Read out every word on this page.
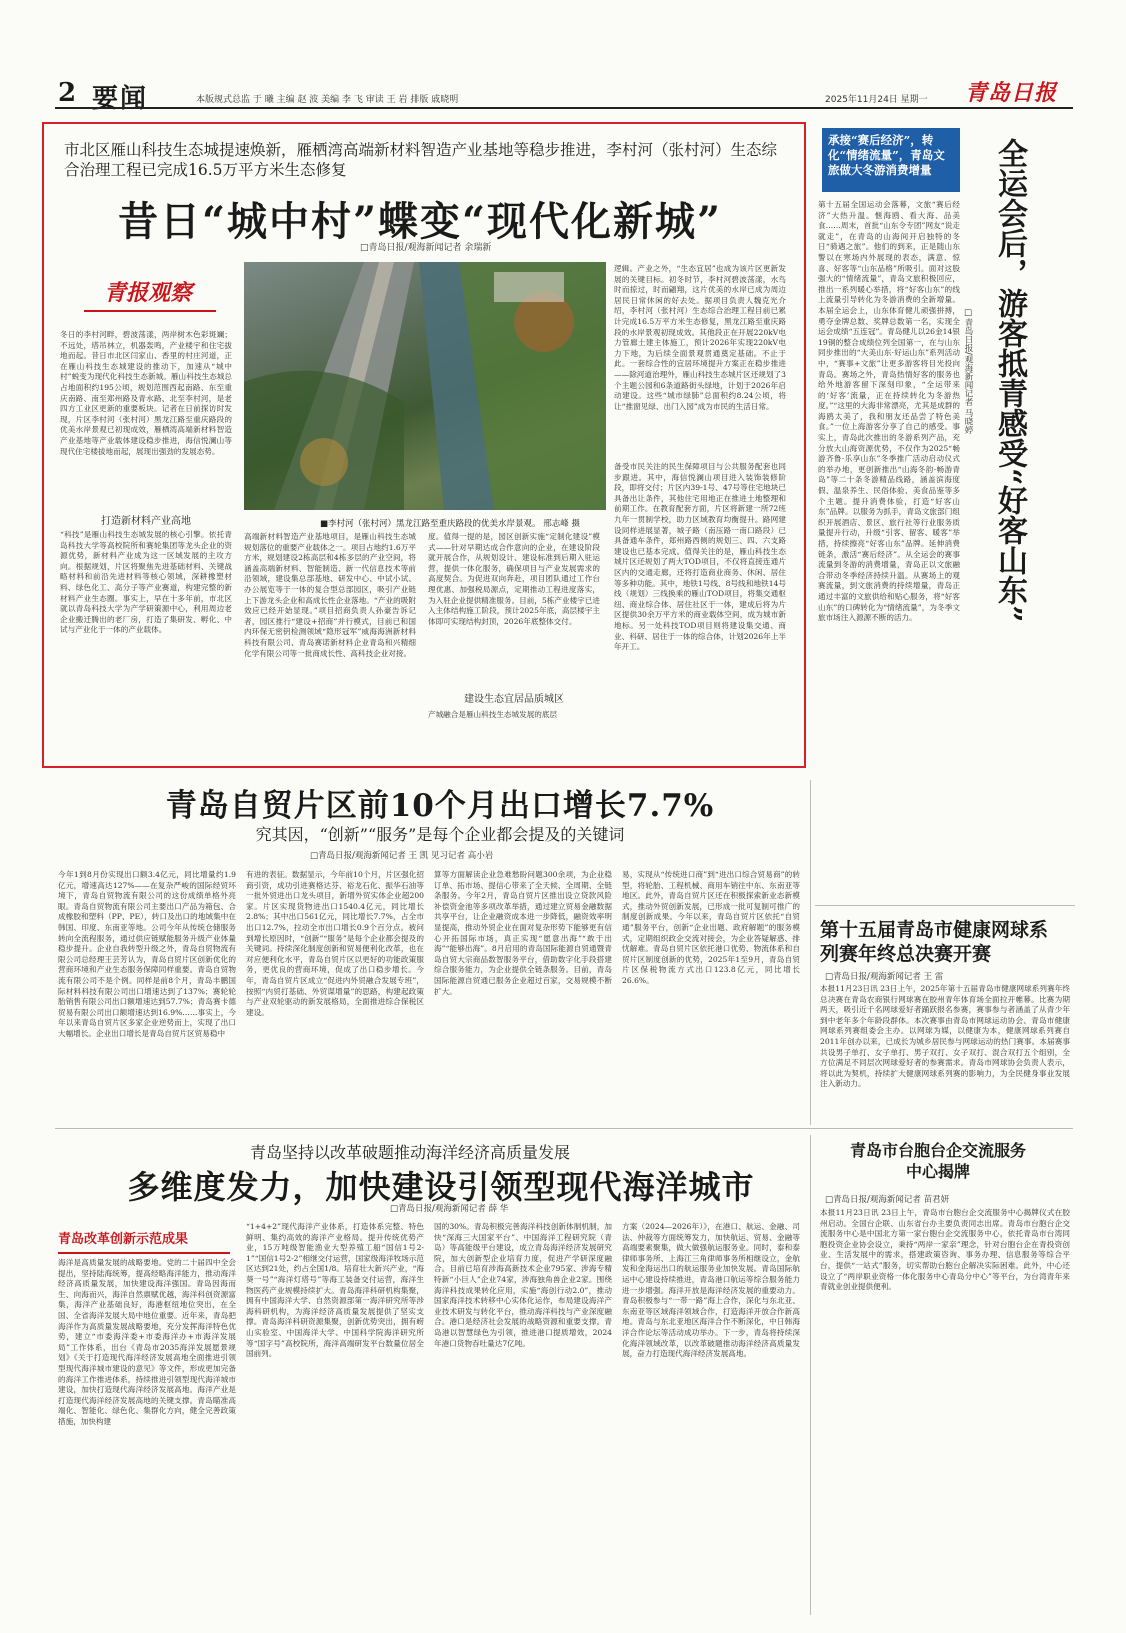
2 要闻	本版规式总监 于 曦 主编 赵 波 美编 李 飞 审读 王 岩 排版 戚晓明	2025年11月24日 星期一 青岛日报
市北区雁山科技生态城提速焕新，雁栖湾高端新材料智造产业基地等稳步推进，李村河（张村河）生态综合治理工程已完成16.5万平方米生态修复
昔日“城中村”蝶变“现代化新城”
□青岛日报/观海新闻记者 余瑞新
青报观察
冬日的李村河畔，碧波荡漾，两岸树木色彩斑斓；不远处，塔吊林立，机器轰鸣，产业楼宇和住宅拔地而起。昔日市北区闫家山、香里的村庄河道，正在雁山科技生态城建设的推动下，加速从“城中村”蜕变为现代化科技生态新城。雁山科技生态城总占地面积约195公顷，规划范围西起南路、东至重庆南路、南至郑州路及青水路、北至李村河，是老四方工业区更新的重要板块。记者在日前探访时发现，片区李村河（张村河）黑龙江路至重庆路段的优美水岸景观已初现成效，雁栖湾高端新材料智造产业基地等产业载体建设稳步推进，海信悦澜山等现代住宅楼拔地而起，展现出强劲的发展态势。
打造新材料产业高地
“科技”是雁山科技生态城发展的核心引擎。依托青岛科技大学等高校院所和赛轮集团等龙头企业的资源优势，新材料产业成为这一区域发展的主攻方向。根据规划，片区将聚焦先进基础材料、关键战略材料和前沿先进材料等核心领域，深耕橡塑材料、绿色化工、高分子等产业赛道，构建完整的新材料产业生态圈。事实上，早在十多年前，市北区就以青岛科技大学为产学研策源中心，利用周边老企业搬迁腾出的老厂房，打造了集研发、孵化、中试与产业化于一体的产业载体。
■李村河（张村河）黑龙江路至重庆路段的优美水岸景观。 邢志峰 摄
高端新材料智造产业基地项目，是雁山科技生态城规划落位的重要产业载体之一。项目占地约1.6万平方米，规划建设2栋高层和4栋多层的产业空间，将涵盖高端新材料、智能制造、新一代信息技术等前沿领域，建设集总部基地、研发中心、中试小试、办公展览等于一体的复合型总部园区，吸引产业链上下游龙头企业和高成长性企业落地。“产业的吸附效应已经开始显现。”项目招商负责人孙豪告诉记者，园区推行“建设+招商”并行模式，目前已和国内环保无密钥检测领域“隐形冠军”威海海洲新材料科技有限公司、青岛赛诺新材料企业青岛和兴精细化学有限公司等一批商成长性、高科技企业对接。
度。值得一提的是，园区创新实施“定制化建设”模式——针对早期达成合作意向的企业，在建设阶段就开展合作，从规划设计、建设标准到后期入驻运营，提供一体化服务，确保项目与产业发展需求的高度契合。为促进双向奔赴，项目团队通过工作台理优惠、加强税局源点，定期推动工程进度落实，为入驻企业提供精准服务。目前，5栋产业楼宇已进入主体结构施工阶段，预计2025年底，高层楼宇主体即可实现结构封顶，2026年底整体交付。
建设生态宜居品质城区
产城融合是雁山科技生态城发展的底层
逻辑。产业之外，“生态宜居”也成为该片区更新发展的关键目标。初冬时节，李村河碧波荡漾，水鸟时而掠过，时而翩翔，这片优美的水岸已成为周边居民日常休闲的好去处。据项目负责人魏克光介绍，李村河（张村河）生态综合治理工程目前已累计完成16.5万平方米生态修复，黑龙江路至重庆路段的水岸景观初现成效。其他段正在开展220kV电力管廊土建主体施工，预计2026年实现220kV电力下地，为后续全面景观贯通奠定基础。不止于此。一套综合性的宜居环境提升方案正在稳步推进——除河道治理外，雁山科技生态城片区还规划了3个主题公园和6条道路街头绿地，计划于2026年启动建设。这些“城市绿肺”总面积约8.24公顷，将让“推窗见绿、出门入园”成为市民的生活日常。
备受市民关注的民生保障项目与公共服务配套也同步跟进。其中，海信悦澜山项目进入装饰装修阶段，即将交付；片区内39-1号、47号等住宅地块已具备出让条件，其他住宅用地正在推进土地整理和前期工作。在教育配套方面，片区将新建一所72班九年一贯制学校，助力区域教育均衡提升。路网建设同样进展显著，城子路（南压路一南口路段）已具备通车条件，郑州路西侧的规划三、四、六支路建设也已基本完成。值得关注的是，雁山科技生态城片区还规划了两大TOD项目，不仅将直接连通片区内的交通走廊，还将打造商业商务、休闲、居住等多种功能。其中，地铁1号线、8号线和地铁14号线（规划）三线换乘的雁山TOD项目，将集交通枢纽、商业综合体、居住社区于一体，建成后将为片区提供30余万平方米的商业载体空间，成为城市新地标。另一处科技TOD项目则将建设集交通、商业、科研、居住于一体的综合体，计划2026年上半年开工。
承接“赛后经济”，转化“情绪流量”，青岛文旅做大冬游消费增量	全运会后，游客抵青感受“好客山东”
□青岛日报/观海新闻记者 马晓婷
第十五届全国运动会落幕，文旅“赛后经济”大热升温。惬海鸥、看大海、品美食……周末，首批“山东令专团”网友“说走就走”，在青岛的山海间开启独特的冬日“骑遇之旅”。他们的到来，正是随山东警以在寒场内外展现的表态，满意、惊喜、好客等“山东品格”所吸引。面对这股强大的“情绪流量”，青岛文旅积极回应，推出一系列暖心举措，将“好客山东”的线上流量引导转化为冬游消费的全新增量。本届全运会上，山东体育健儿顽强拼搏，勇夺金牌总数、奖牌总数第一名，实现全运会成绩“五连冠”。青岛健儿以26金14银19铜的整合成绩位列全国第一，在与山东同步推出的“大美山东·好运山东”系列活动中，“赛事+文旅”让更多游客将目光投向青岛。赛场之外，青岛热情好客的服务也给外地游客留下深刻印象，“全运带来的‘好客’流量，正在持续转化为冬游热度。”“这里的大海非常漂亮，尤其是成群的海鸥太美了，我和朋友还品尝了特色美食。”一位上海游客分享了自己的感受。事实上，青岛此次推出的冬游系列产品，充分放大山海资源优势，不仅作为2025“畅游齐鲁·乐享山东”冬季推广活动启动仪式的举办地，更创新推出“山海冬韵·畅游青岛”等二十条冬游精品线路，涵盖滨海度假、温泉养生、民俗体验、美食品鉴等多个主题。提升消费体验，打造“好客山东”品牌。以服务为抓手，青岛文旅部门组织开展酒店、景区、旅行社等行业服务质量提升行动，升级“引客、留客、暖客”举措，持续擦亮“好客山东”品牌。延伸消费链条，激活“赛后经济”。从全运会的赛事流量到冬游的消费增量，青岛正以文旅融合带动冬季经济持续升温。从赛场上的观赛流量，到文旅消费的持续增量，青岛正通过丰富的文旅供给和贴心服务，将“好客山东”的口碑转化为“情绪流量”，为冬季文旅市场注入源源不断的活力。
青岛自贸片区前10个月出口增长7.7%
究其因，“创新”“服务”是每个企业都会提及的关键词
□青岛日报/观海新闻记者 王 凯 见习记者 高小岩
今年1到8月份实现出口额3.4亿元，同比增量约1.9亿元，增速高达127%——在复杂严峻的国际经贸环境下，青岛自贸物流有限公司的这份成绩单格外亮眼。青岛自贸物流有限公司主要出口产品为箱包、合成橡胶和塑料（PP、PE），转口及出口的地域集中在韩国、印度、东南亚等地。公司今年从传统仓储服务转向全流程服务，通过供应链赋能服务升级产业体量稳步提升。企业自我转型升级之外，青岛自贸物流有限公司总经理王芸芳认为，青岛自贸片区创新优化的营商环境和产业生态服务保障同样重要。青岛自贸物流有限公司不是个例。同样是前8个月，青岛丰鹏国际材料科技有限公司出口增速达到了137%；赛轮轮胎销售有限公司出口额增速达到57.7%；青岛赛卡德贸易有限公司出口额增速达到16.9%……事实上，今年以来青岛自贸片区多家企业逆势而上，实现了出口大幅增长。企业出口增长是青岛自贸片区贸易稳中
有进的表征。数据显示，今年前10个月，片区强化招商引资，成功引进赛格达芬、裕龙石化、振华石油等一批外贸进出口龙头项目，新增外贸实体企业超200家。片区实现货物进出口1540.4亿元，同比增长2.8%；其中出口561亿元，同比增长7.7%，占全市出口12.7%，拉动全市出口增长0.9个百分点。被问到增长原因时，“创新”“服务”是每个企业都会提及的关键词。持续深化制度创新和贸易便利化改革，也在对应便利化水平，青岛自贸片区以更好的功能政策服务，更优良的营商环境，促成了出口稳步增长。今年，青岛自贸片区成立“促进内外贸融合发展专班”，按照“内贸打基础、外贸谋增量”的思路，构建起政策与产业双轮驱动的新发展格局，全面推进综合保税区建设。
算等方面解读企业急难愁盼问题300余项，为企业稳订单、拓市场、提信心带来了全天候、全周期、全链条服务。今年2月，青岛自贸片区推出设立贷款风险补偿资金池等多项改革举措，通过建立贸易金融数据共享平台，让企业融资成本进一步降低，融资效率明显提高，推动外贸企业在面对复杂形势下能够更有信心开拓国际市场，真正实现“愿意出海”“敢于出海”“能够出海”。8月启用的青岛国际能源自贸通暨青岛自贸大宗商品数智服务平台，借助数字化手段搭建综合服务能力，为企业提供全链条服务。目前，青岛国际能源自贸通已服务企业超过百家，交易规模不断扩大。
易，实现从“传统进口商”到“进出口综合贸易商”的转型，将轮胎、工程机械、商用车销往中东、东南亚等地区。此外，青岛自贸片区还在积极探索新业态新模式，推动外贸创新发展，已形成一批可复制可推广的制度创新成果。今年以来，青岛自贸片区依托“自贸通”服务平台，创新“企业出题、政府解题”的服务模式，定期组织政企交流对接会，为企业答疑解惑、排忧解难。青岛自贸片区依托港口优势、物流体系和自贸片区制度创新的优势，2025年1至9月，青岛自贸片区保税物流方式出口123.8亿元，同比增长26.6%。
第十五届青岛市健康网球系列赛年终总决赛开赛
□青岛日报/观海新闻记者 王 雷
本报11月23日讯 23日上午，2025年第十五届青岛市健康网球系列赛年终总决赛在青岛农商银行网球赛在胶州青年体育场全面拉开帷幕。比赛为期两天，吸引近千名网球爱好者踊跃报名参赛，赛事参与者涵盖了从青少年到中老年多个年龄段群体。本次赛事由青岛市网球运动协会、青岛市健康网球系列赛组委会主办。以网球为媒，以健康为本，健康网球系列赛自2011年创办以来，已成长为城乡居民参与网球运动的热门赛事。本届赛事共设男子单打、女子单打、男子双打、女子双打、混合双打五个组别，全方位满足不同层次网球爱好者的参赛需求。青岛市网球协会负责人表示，将以此为契机，持续扩大健康网球系列赛的影响力，为全民健身事业发展注入新动力。
青岛坚持以改革破题推动海洋经济高质量发展
多维度发力，加快建设引领型现代海洋城市
□青岛日报/观海新闻记者 薛 华
青岛改革创新示范成果
海洋是高质量发展的战略要地。党的二十届四中全会提出，坚持陆海统筹，提高经略海洋能力，推动海洋经济高质量发展，加快建设海洋强国。青岛因海而生、向海而兴，海洋自然禀赋优越，海洋科创资源富集，海洋产业基础良好，海港枢纽地位突出，在全国、全省海洋发展大局中地位重要。近年来，青岛把海洋作为高质量发展战略要地，充分发挥海洋特色优势，建立“市委海洋委+市委海洋办+市海洋发展局”工作体系，出台《青岛市2035海洋发展愿景规划》《关于打造现代海洋经济发展高地全面推进引领型现代海洋城市建设的意见》等文件，形成更加完备的海洋工作推进体系，持续推进引领型现代海洋城市建设，加快打造现代海洋经济发展高地。海洋产业是打造现代海洋经济发展高地的关键支撑。青岛瞄准高端化、智能化、绿色化、集群化方向，健全完善政策措施，加快构建
“1+4+2”现代海洋产业体系，打造体系完整、特色鲜明、集约高效的海洋产业格局。提升传统优势产业，15万吨级智能渔业大型养殖工船“国信1号2-1”“国信1号2-2”相继交付运营，国家级海洋牧场示范区达到21处，约占全国1/8。培育壮大新兴产业，“海葵一号”“海洋灯塔号”等海工装备交付运营，海洋生物医药产业规模持续扩大。青岛海洋科研机构集聚，拥有中国海洋大学、自然资源部第一海洋研究所等涉海科研机构，为海洋经济高质量发展提供了坚实支撑。青岛海洋科研资源集聚，创新优势突出，拥有崂山实验室、中国海洋大学、中国科学院海洋研究所等“国字号”高校院所，海洋高端研发平台数量位居全国前列。
国的30%。青岛积极完善海洋科技创新体制机制，加快“深海三大国家平台”、中国海洋工程研究院（青岛）等高能级平台建设，成立青岛海洋经济发展研究院，加大创新型企业培育力度，促进产学研深度融合。目前已培育涉海高新技术企业795家、涉海专精特新“小巨人”企业74家，涉海独角兽企业2家。围绕海洋科技成果转化应用，实施“海创行动2.0”，推动国家海洋技术转移中心实体化运作，布局建设海洋产业技术研发与转化平台，推动海洋科技与产业深度融合。港口是经济社会发展的战略资源和重要支撑。青岛港以智慧绿色为引领，推进港口提质增效，2024年港口货物吞吐量达7亿吨。
方案（2024—2026年）》，在港口、航运、金融、司法、仲裁等方面统筹发力，加快航运、贸易、金融等高端要素聚集，做大做强航运服务业。同时，泰和泰律师事务所、上海江三角律师事务所相继设立，金航发和金海运出口的航运服务业加快发展。青岛国际航运中心建设持续推进，青岛港口航运等综合服务能力进一步增强。海洋开放是海洋经济发展的重要动力。青岛积极参与“一带一路”海上合作，深化与东北亚、东南亚等区域海洋领域合作，打造海洋开放合作新高地。青岛与东北亚地区海洋合作不断深化，中日韩海洋合作论坛等活动成功举办。下一步，青岛将持续深化海洋领域改革，以改革破题推动海洋经济高质量发展，奋力打造现代海洋经济发展高地。
青岛市台胞台企交流服务中心揭牌
□青岛日报/观海新闻记者 苗君妍
本报11月23日讯 23日上午，青岛市台胞台企交流服务中心揭牌仪式在胶州启动。全国台企联、山东省台办主要负责同志出席。青岛市台胞台企交流服务中心是中国北方第一家台胞台企交流服务中心，依托青岛市台湾同胞投资企业协会设立，秉持“两岸一家亲”理念，针对台胞台企在青投资创业、生活发展中的需求，搭建政策咨询、事务办理、信息服务等综合平台，提供“一站式”服务，切实帮助台胞台企解决实际困难。此外，中心还设立了“两岸职业资格一体化服务中心青岛分中心”等平台，为台湾青年来青就业创业提供便利。
